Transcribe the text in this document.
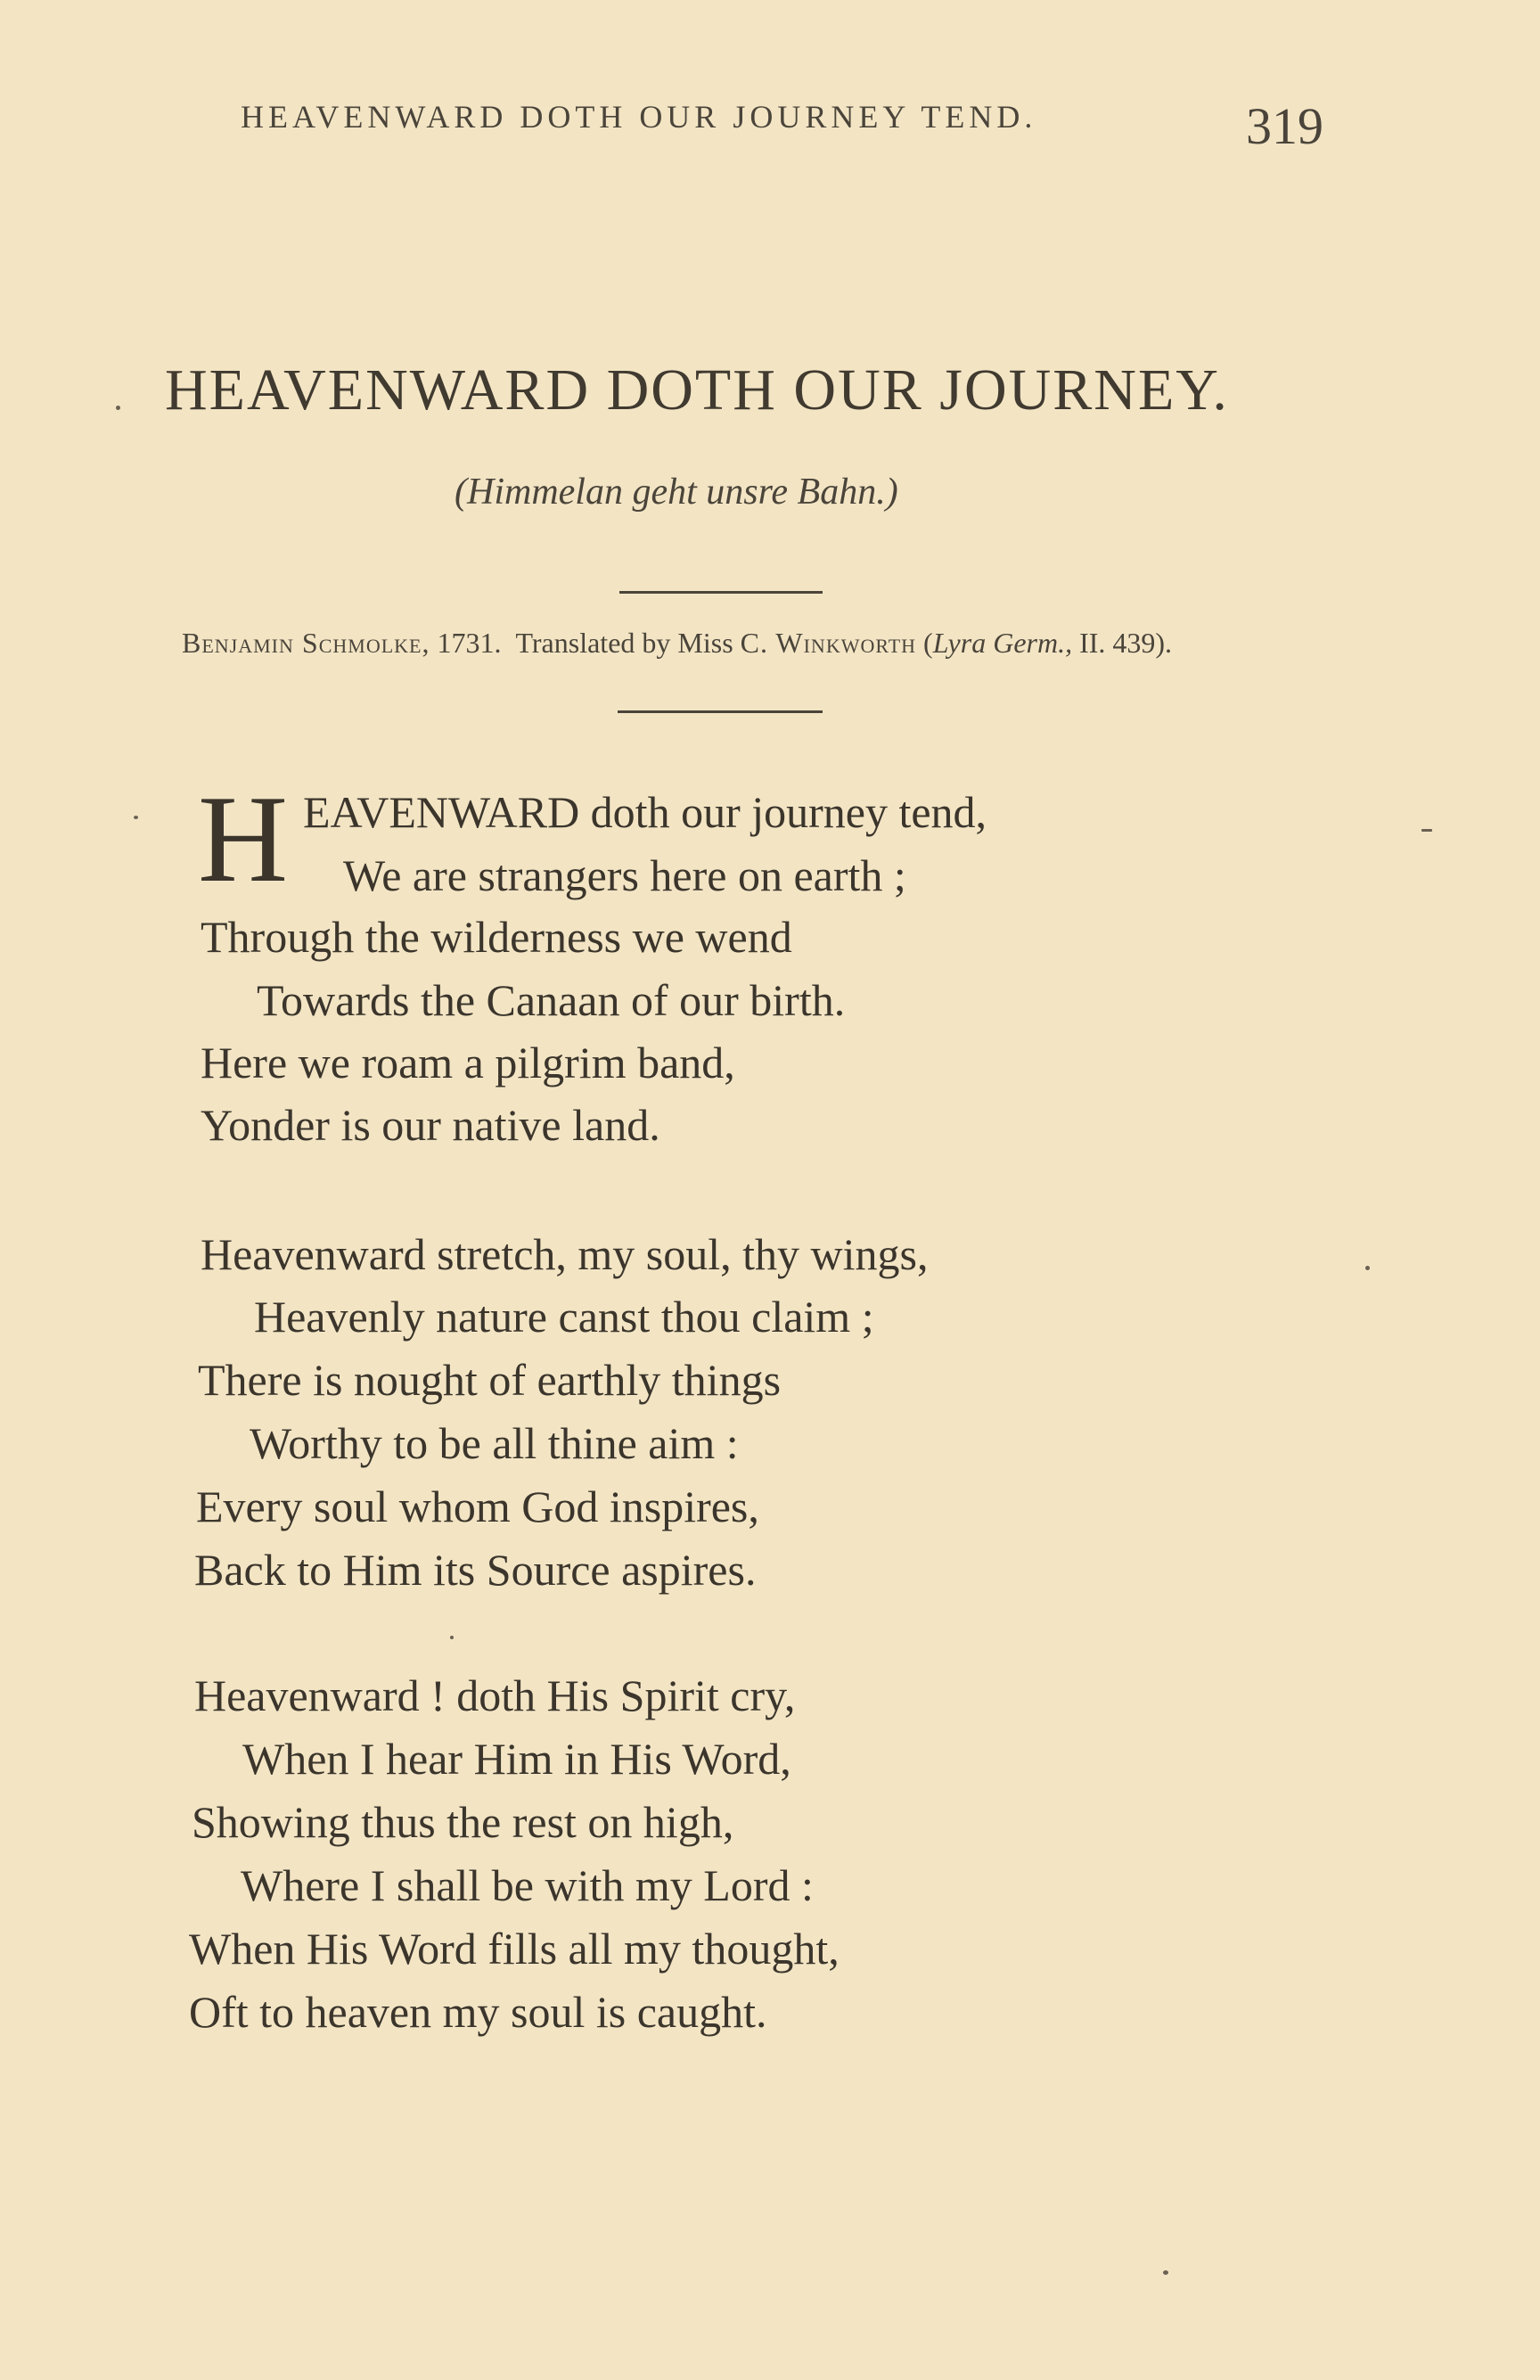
HEAVENWARD DOTH OUR JOURNEY TEND.	319
HEAVENWARD DOTH OUR JOURNEY.
(Himmelan geht unsre Bahn.)
Benjamin Schmolke, 1731. Translated by Miss C. Winkworth (Lyra Germ., II. 439).
H EAVENWARD doth our journey tend,
We are strangers here on earth ;
Through the wilderness we wend
Towards the Canaan of our birth.
Here we roam a pilgrim band,
Yonder is our native land.
Heavenward stretch, my soul, thy wings,
Heavenly nature canst thou claim ;
There is nought of earthly things
Worthy to be all thine aim :
Every soul whom God inspires,
Back to Him its Source aspires.
Heavenward ! doth His Spirit cry,
When I hear Him in His Word,
Showing thus the rest on high,
Where I shall be with my Lord :
When His Word fills all my thought,
Oft to heaven my soul is caught.
